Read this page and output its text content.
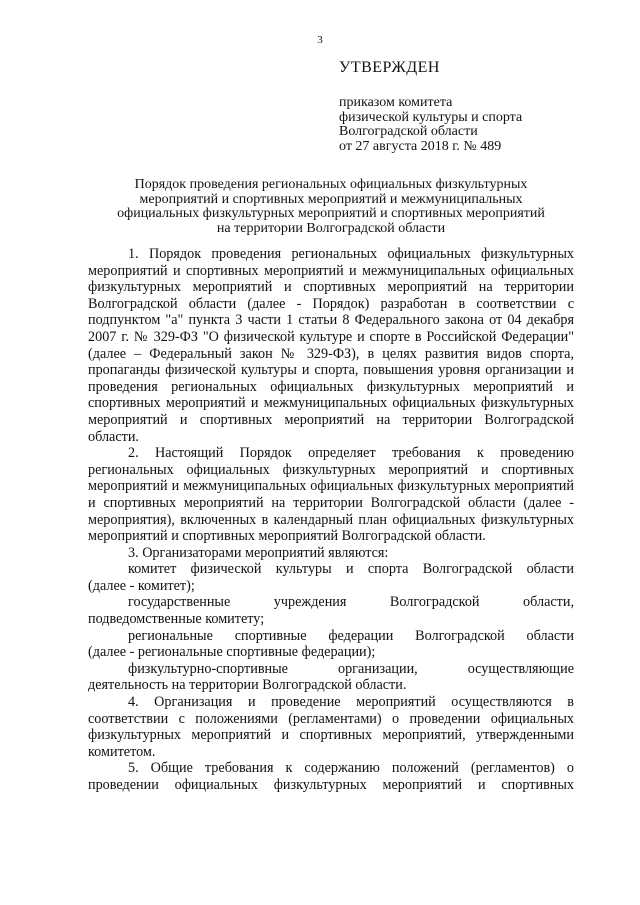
3
УТВЕРЖДЕН
приказом комитета
физической культуры и спорта
Волгоградской области
от 27 августа 2018 г. № 489
Порядок проведения региональных официальных физкультурных
мероприятий и спортивных мероприятий и межмуниципальных
официальных физкультурных мероприятий и спортивных мероприятий
на территории Волгоградской области

1. Порядок проведения региональных официальных физкультурных мероприятий и спортивных мероприятий и межмуниципальных официальных физкультурных мероприятий и спортивных мероприятий на территории Волгоградской области (далее - Порядок) разработан в соответствии с подпунктом "а" пункта 3 части 1 статьи 8 Федерального закона от 04 декабря 2007 г. № 329-ФЗ "О физической культуре и спорте в Российской Федерации" (далее – Федеральный закон № 329-ФЗ), в целях развития видов спорта, пропаганды физической культуры и спорта, повышения уровня организации и проведения региональных официальных физкультурных мероприятий и спортивных мероприятий и межмуниципальных официальных физкультурных мероприятий и спортивных мероприятий на территории Волгоградской области.

2. Настоящий Порядок определяет требования к проведению региональных официальных физкультурных мероприятий и спортивных мероприятий и межмуниципальных официальных физкультурных мероприятий и спортивных мероприятий на территории Волгоградской области (далее - мероприятия), включенных в календарный план официальных физкультурных мероприятий и спортивных мероприятий Волгоградской области.

3. Организаторами мероприятий являются:

комитет физической культуры и спорта Волгоградской области

(далее - комитет);

государственные учреждения Волгоградской области,

подведомственные комитету;

региональные спортивные федерации Волгоградской области

(далее - региональные спортивные федерации);

физкультурно-спортивные организации, осуществляющие

деятельность на территории Волгоградской области.

4. Организация и проведение мероприятий осуществляются в соответствии с положениями (регламентами) о проведении официальных физкультурных мероприятий и спортивных мероприятий, утвержденными комитетом.

5. Общие требования к содержанию положений (регламентов) о проведении официальных физкультурных мероприятий и спортивных
